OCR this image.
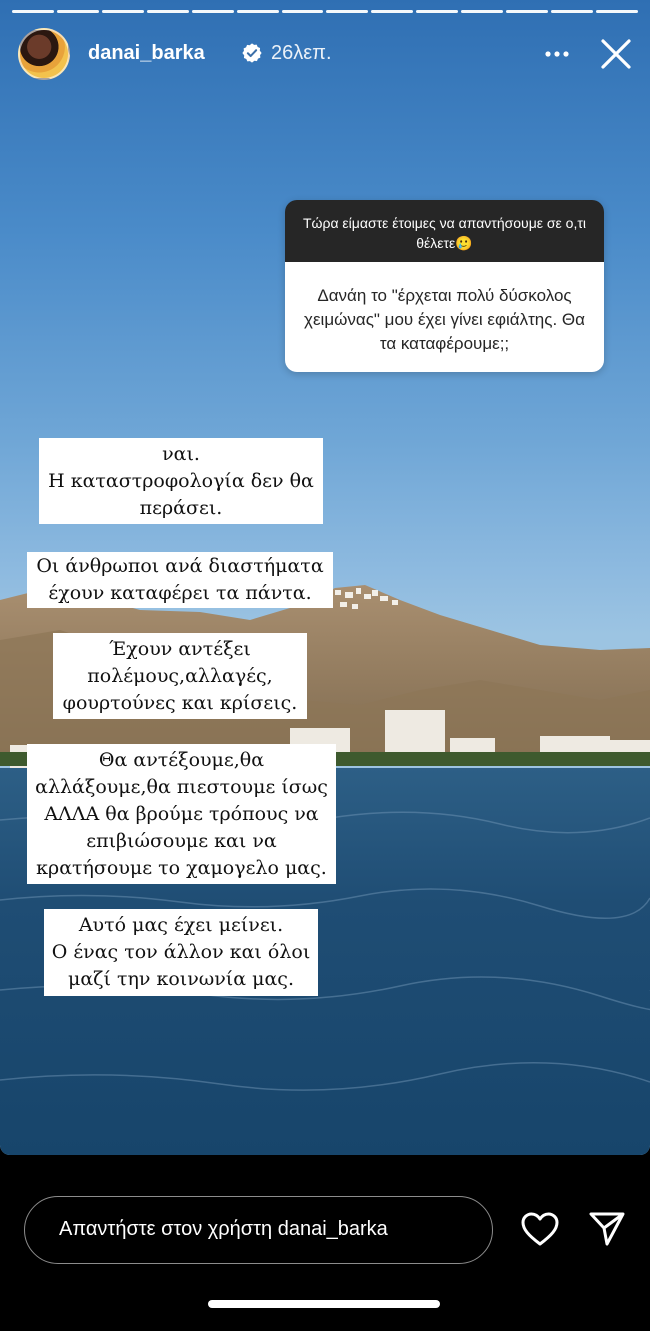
danai_barka	26λεπ.
Τώρα είμαστε έτοιμες να απαντήσουμε σε ο,τι θέλετε🥲
Δανάη το "έρχεται πολύ δύσκολος χειμώνας" μου έχει γίνει εφιάλτης. Θα τα καταφέρουμε;;
ναι.
Η καταστροφολογία δεν θα
περάσει.
Οι άνθρωποι ανά διαστήματα
έχουν καταφέρει τα πάντα.
Έχουν αντέξει
πολέμους,αλλαγές,
φουρτούνες και κρίσεις.
Θα αντέξουμε,θα
αλλάξουμε,θα πιεστουμε ίσως
ΑΛΛΑ θα βρούμε τρόπους να
επιβιώσουμε και να
κρατήσουμε το χαμογελο μας.
Αυτό μας έχει μείνει.
Ο ένας τον άλλον και όλοι
μαζί την κοινωνία μας.
Απαντήστε στον χρήστη danai_barka
